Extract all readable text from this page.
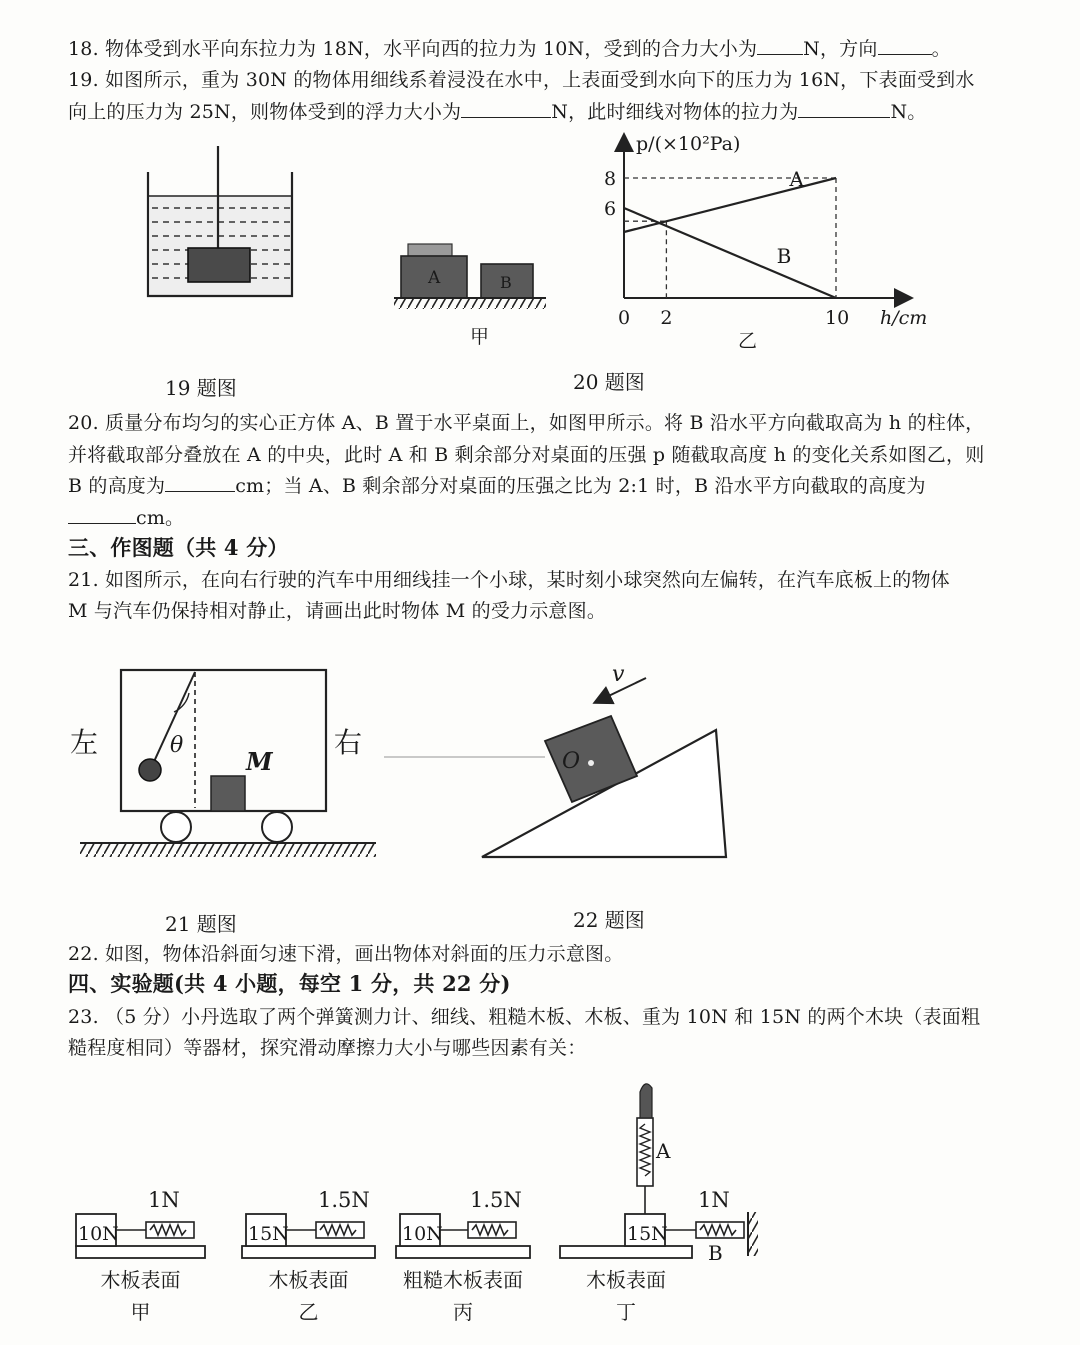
18. 物体受到水平向东拉力为 18N，水平向西的拉力为 10N，受到的合力大小为 N，方向	。
19. 如图所示，重为 30N 的物体用细线系着浸没在水中，上表面受到水向下的压力为 16N，下表面受到水
向上的压力为 25N，则物体受到的浮力大小为	N，此时细线对物体的拉力为	N。
20. 质量分布均匀的实心正方体 A、B 置于水平桌面上，如图甲所示。将 B 沿水平方向截取高为 h 的柱体，
并将截取部分叠放在 A 的中央，此时 A 和 B 剩余部分对桌面的压强 p 随截取高度 h 的变化关系如图乙，则
B 的高度为	cm；当 A、B 剩余部分对桌面的压强之比为 2:1 时，B 沿水平方向截取的高度为
cm。
三、作图题（共 4 分）
21. 如图所示，在向右行驶的汽车中用细线挂一个小球，某时刻小球突然向左偏转，在汽车底板上的物体
M 与汽车仍保持相对静止，请画出此时物体 M 的受力示意图。
22. 如图，物体沿斜面匀速下滑，画出物体对斜面的压力示意图。
四、实验题(共 4 小题，每空 1 分，共 22 分)
23. （5 分）小丹选取了两个弹簧测力计、细线、粗糙木板、木板、重为 10N 和 15N 的两个木块（表面粗
糙程度相同）等器材，探究滑动摩擦力大小与哪些因素有关：
19 题图	20 题图
21 题图	22 题图
A	B
甲
p/(×10²Pa)
h/cm
0 2	10
6
8	A
B
乙
左	右
θ
M	O
v
10N
1N
木板表面
甲
15N
1.5N
木板表面
乙
10N
1.5N
粗糙木板表面
丙
15N
1N
木板表面
丁
A
B
